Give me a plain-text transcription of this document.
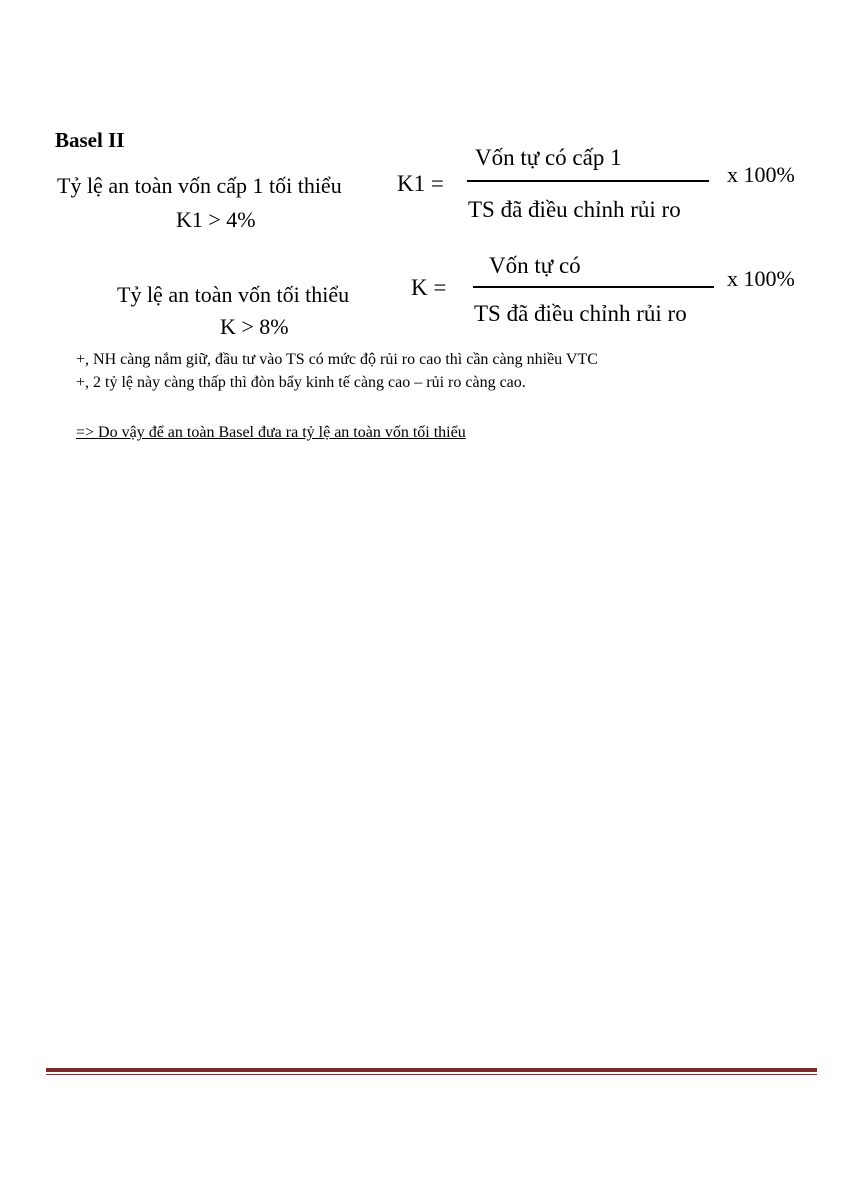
Basel II
Tỷ lệ an toàn vốn cấp 1 tối thiểu
K1 > 4%
K1 =
Vốn tự có cấp 1
TS đã điều chỉnh rủi ro
x 100%
Tỷ lệ an toàn vốn tối thiểu
K > 8%
K =
Vốn tự có
TS đã điều chỉnh rủi ro
x 100%
+, NH càng nắm giữ, đầu tư vào TS có mức độ rủi ro cao thì cần càng nhiều VTC
+, 2 tỷ lệ này càng thấp thì đòn bẩy kinh tế càng cao – rủi ro càng cao.
=> Do vậy để an toàn Basel đưa ra tỷ lệ an toàn vốn tối thiểu
